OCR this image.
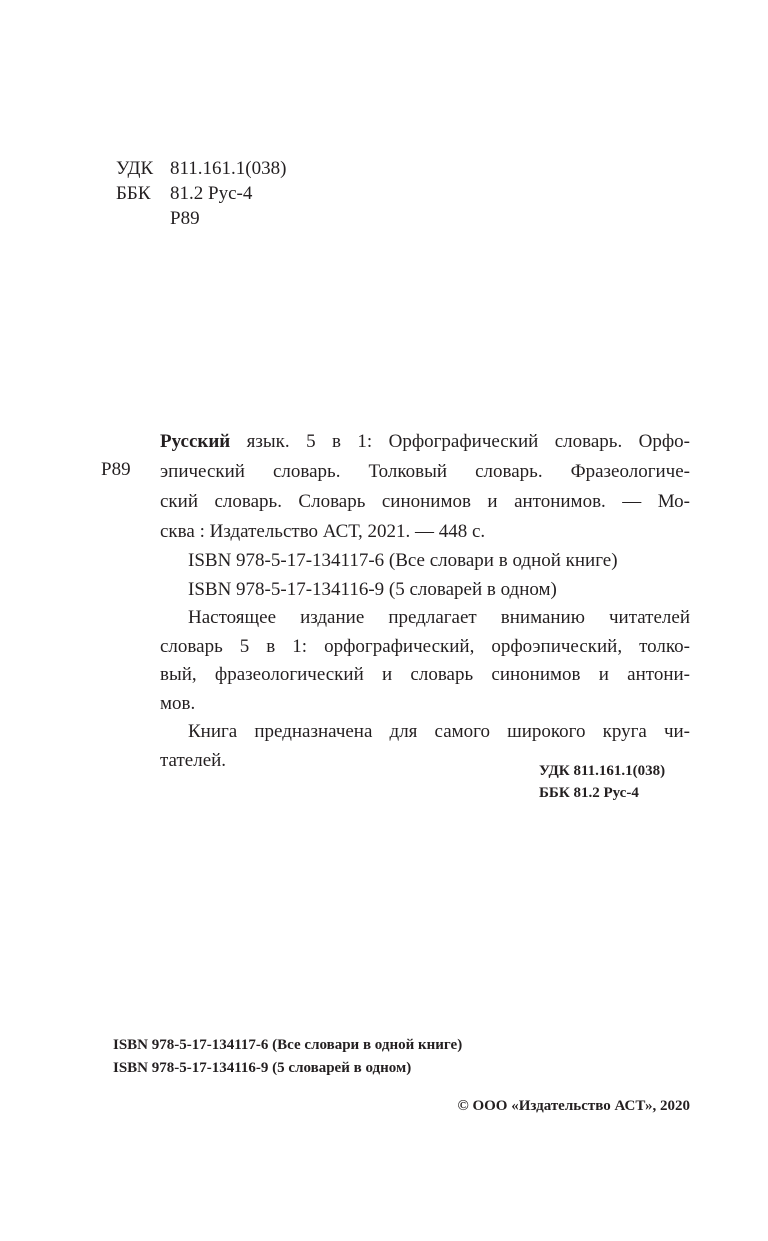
УДК 811.161.1(038)
ББК	81.2 Рус-4
Р89
Р89
Русский язык. 5 в 1: Орфографический словарь. Орфо-
эпический словарь. Толковый словарь. Фразеологиче-
ский словарь. Словарь синонимов и антонимов. — Мо-
сква : Издательство АСТ, 2021. — 448 с.
ISBN 978-5-17-134117-6 (Все словари в одной книге)
ISBN 978-5-17-134116-9 (5 словарей в одном)
Настоящее издание предлагает вниманию читателей
словарь 5 в 1: орфографический, орфоэпический, толко-
вый, фразеологический и словарь синонимов и антони-
мов.
Книга предназначена для самого широкого круга чи-
тателей.
УДК 811.161.1(038)
ББК 81.2 Рус-4
ISBN 978-5-17-134117-6 (Все словари в одной книге)
ISBN 978-5-17-134116-9 (5 словарей в одном)
© ООО «Издательство АСТ», 2020
